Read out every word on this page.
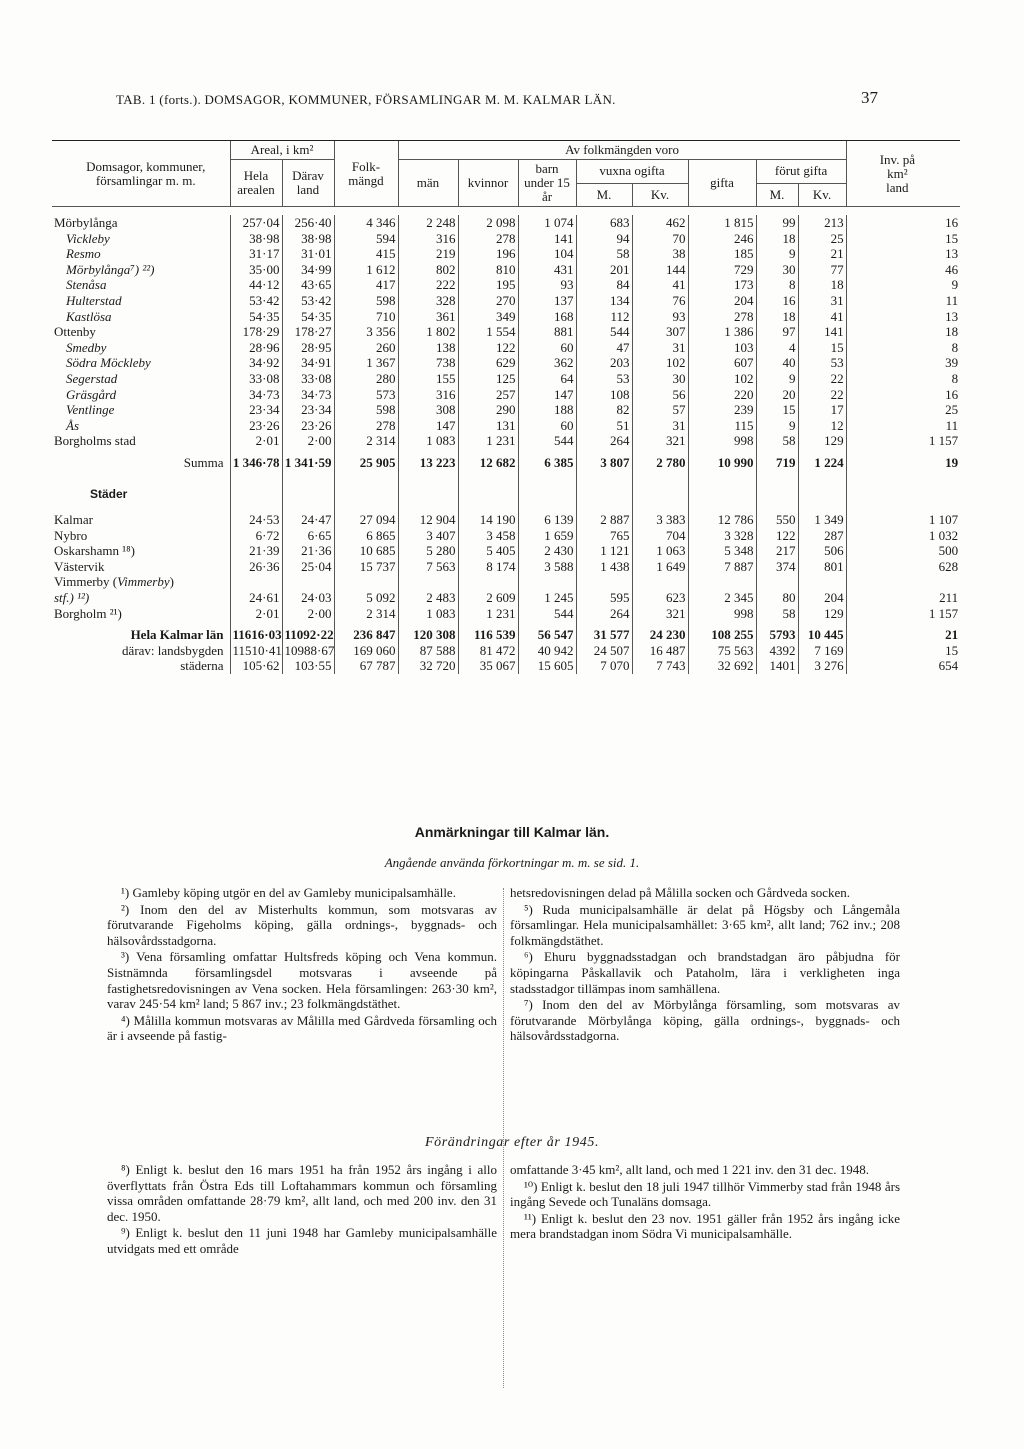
TAB. 1 (forts.). DOMSAGOR, KOMMUNER, FÖRSAMLINGAR M. M. KALMAR LÄN.	37
Domsagor, kommuner, församlingar m. m.	Areal, i km²		Folk-mängd	Av folkmängden voro								Inv. på km² land
	Hela arealen	Därav land		män	kvinnor	barn under 15 år	vuxna ogifta		gifta	förut gifta		
							M.	Kv.		M.	Kv.	

Mörbylånga	257·04	256·40	4 346	2 248	2 098	1 074	683	462	1 815	99	213	16
Vickleby	38·98	38·98	594	316	278	141	94	70	246	18	25	15
Resmo	31·17	31·01	415	219	196	104	58	38	185	9	21	13
Mörbylånga⁷) ²²)	35·00	34·99	1 612	802	810	431	201	144	729	30	77	46
Stenåsa	44·12	43·65	417	222	195	93	84	41	173	8	18	9
Hulterstad	53·42	53·42	598	328	270	137	134	76	204	16	31	11
Kastlösa	54·35	54·35	710	361	349	168	112	93	278	18	41	13
Ottenby	178·29	178·27	3 356	1 802	1 554	881	544	307	1 386	97	141	18
Smedby	28·96	28·95	260	138	122	60	47	31	103	4	15	8
Södra Möckleby	34·92	34·91	1 367	738	629	362	203	102	607	40	53	39
Segerstad	33·08	33·08	280	155	125	64	53	30	102	9	22	8
Gräsgård	34·73	34·73	573	316	257	147	108	56	220	20	22	16
Ventlinge	23·34	23·34	598	308	290	188	82	57	239	15	17	25
Ås	23·26	23·26	278	147	131	60	51	31	115	9	12	11
Borgholms stad	2·01	2·00	2 314	1 083	1 231	544	264	321	998	58	129	1 157
Summa	1 346·78	1 341·59	25 905	13 223	12 682	6 385	3 807	2 780	10 990	719	1 224	19
Städer												
Kalmar	24·53	24·47	27 094	12 904	14 190	6 139	2 887	3 383	12 786	550	1 349	1 107
Nybro	6·72	6·65	6 865	3 407	3 458	1 659	765	704	3 328	122	287	1 032
Oskarshamn ¹⁸)	21·39	21·36	10 685	5 280	5 405	2 430	1 121	1 063	5 348	217	506	500
Västervik	26·36	25·04	15 737	7 563	8 174	3 588	1 438	1 649	7 887	374	801	628
Vimmerby (Vimmerby)												
stf.) ¹²)	24·61	24·03	5 092	2 483	2 609	1 245	595	623	2 345	80	204	211
Borgholm ²¹)	2·01	2·00	2 314	1 083	1 231	544	264	321	998	58	129	1 157
Hela Kalmar län	11616·03	11092·22	236 847	120 308	116 539	56 547	31 577	24 230	108 255	5793	10 445	21
därav: landsbygden	11510·41	10988·67	169 060	87 588	81 472	40 942	24 507	16 487	75 563	4392	7 169	15
städerna	105·62	103·55	67 787	32 720	35 067	15 605	7 070	7 743	32 692	1401	3 276	654
Anmärkningar till Kalmar län.
Angående använda förkortningar m. m. se sid. 1.

¹) Gamleby köping utgör en del av Gamleby municipalsamhälle.

²) Inom den del av Misterhults kommun, som motsvaras av förutvarande Figeholms köping, gälla ordnings-, byggnads- och hälsovårdsstadgorna.

³) Vena församling omfattar Hultsfreds köping och Vena kommun. Sistnämnda församlingsdel motsvaras i avseende på fastighetsredovisningen av Vena socken. Hela församlingen: 263·30 km², varav 245·54 km² land; 5 867 inv.; 23 folkmängdstäthet.

⁴) Målilla kommun motsvaras av Målilla med Gårdveda församling och är i avseende på fastig-

hetsredovisningen delad på Målilla socken och Gårdveda socken.

⁵) Ruda municipalsamhälle är delat på Högsby och Långemåla församlingar. Hela municipalsamhället: 3·65 km², allt land; 762 inv.; 208 folkmängdstäthet.

⁶) Ehuru byggnadsstadgan och brandstadgan äro påbjudna för köpingarna Påskallavik och Pataholm, lära i verkligheten inga stadsstadgor tillämpas inom samhällena.

⁷) Inom den del av Mörbylånga församling, som motsvaras av förutvarande Mörbylånga köping, gälla ordnings-, byggnads- och hälsovårdsstadgorna.

Förändringar efter år 1945.

⁸) Enligt k. beslut den 16 mars 1951 ha från 1952 års ingång i allo överflyttats från Östra Eds till Loftahammars kommun och församling vissa områden omfattande 28·79 km², allt land, och med 200 inv. den 31 dec. 1950.

⁹) Enligt k. beslut den 11 juni 1948 har Gamleby municipalsamhälle utvidgats med ett område

omfattande 3·45 km², allt land, och med 1 221 inv. den 31 dec. 1948.

¹⁰) Enligt k. beslut den 18 juli 1947 tillhör Vimmerby stad från 1948 års ingång Sevede och Tunaläns domsaga.

¹¹) Enligt k. beslut den 23 nov. 1951 gäller från 1952 års ingång icke mera brandstadgan inom Södra Vi municipalsamhälle.
